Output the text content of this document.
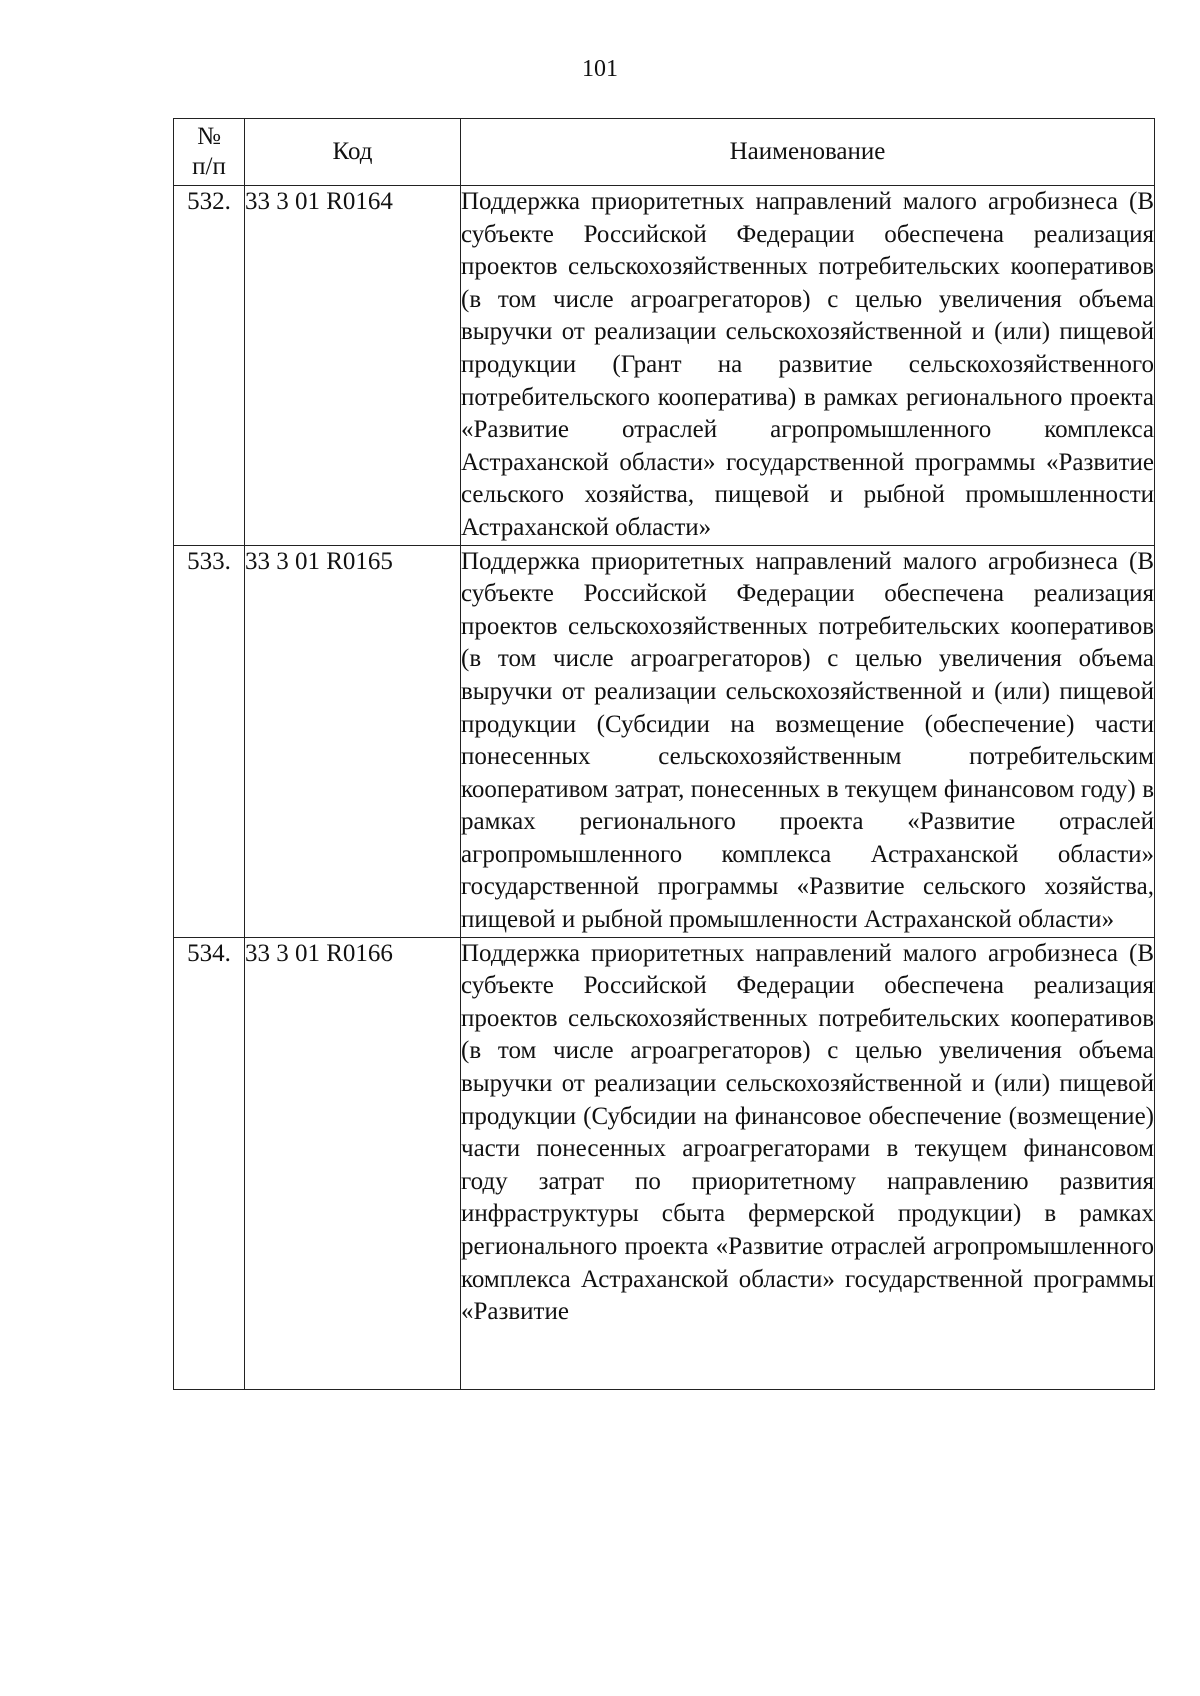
101
№
п/п	Код	Наименование
532.	33 3 01 R0164	Поддержка приоритетных направлений малого агробизнеса (В субъекте Российской Федерации обеспечена реализация проектов сельскохозяйственных потребительских кооперативов (в том числе агроагрегаторов) с целью увеличения объема выручки от реализации сельскохозяйственной и (или) пищевой продукции (Грант на развитие сельскохозяйственного потребительского кооператива) в рамках регионального проекта «Развитие отраслей агропромышленного комплекса Астраханской области» государственной программы «Развитие сельского хозяйства, пищевой и рыбной промышленности Астраханской области»
533.	33 3 01 R0165	Поддержка приоритетных направлений малого агробизнеса (В субъекте Российской Федерации обеспечена реализация проектов сельскохозяйственных потребительских кооперативов (в том числе агроагрегаторов) с целью увеличения объема выручки от реализации сельскохозяйственной и (или) пищевой продукции (Субсидии на возмещение (обеспечение) части понесенных сельскохозяйственным потребительским кооперативом затрат, понесенных в текущем финансовом году) в рамках регионального проекта «Развитие отраслей агропромышленного комплекса Астраханской области» государственной программы «Развитие сельского хозяйства, пищевой и рыбной промышленности Астраханской области»
534.	33 3 01 R0166	Поддержка приоритетных направлений малого агробизнеса (В субъекте Российской Федерации обеспечена реализация проектов сельскохозяйственных потребительских кооперативов (в том числе агроагрегаторов) с целью увеличения объема выручки от реализации сельскохозяйственной и (или) пищевой продукции (Субсидии на финансовое обеспечение (возмещение) части понесенных агроагрегаторами в текущем финансовом году затрат по приоритетному направлению развития инфраструктуры сбыта фермерской продукции) в рамках регионального проекта «Развитие отраслей агропромышленного комплекса Астраханской области» государственной программы «Развитие
